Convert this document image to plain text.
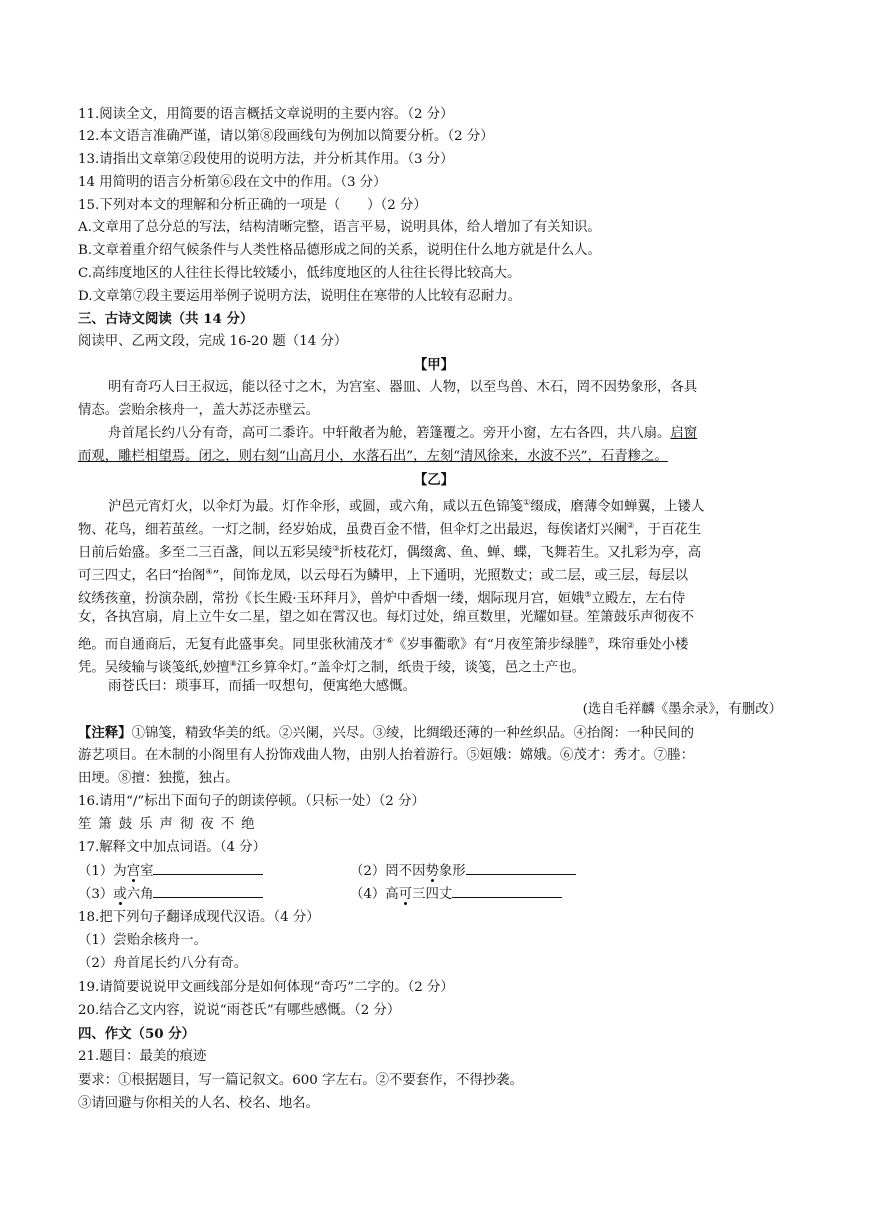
11.阅读全文，用简要的语言概括文章说明的主要内容。（2 分）
12.本文语言准确严谨，请以第⑧段画线句为例加以简要分析。（2 分）
13.请指出文章第②段使用的说明方法，并分析其作用。（3 分）
14 用简明的语言分析第⑥段在文中的作用。（3 分）
15.下列对本文的理解和分析正确的一项是（　　）（2 分）
A.文章用了总分总的写法，结构清晰完整，语言平易，说明具体，给人增加了有关知识。
B.文章着重介绍气候条件与人类性格品德形成之间的关系，说明住什么地方就是什么人。
C.高纬度地区的人往往长得比较矮小，低纬度地区的人往往长得比较高大。
D.文章第⑦段主要运用举例子说明方法，说明住在寒带的人比较有忍耐力。
三、古诗文阅读（共 14 分）
阅读甲、乙两文段，完成 16-20 题（14 分）
【甲】
明有奇巧人曰王叔远，能以径寸之木，为宫室、器皿、人物，以至鸟兽、木石，罔不因势象形，各具
情态。尝贻余核舟一，盖大苏泛赤壁云。
舟首尾长约八分有奇，高可二黍许。中轩敞者为舱，箬篷覆之。旁开小窗，左右各四，共八扇。启窗
而观，雕栏相望焉。闭之，则右刻“山高月小，水落石出”，左刻“清风徐来，水波不兴”，石青糁之。
【乙】
沪邑元宵灯火，以伞灯为最。灯作伞形，或圆，或六角，咸以五色锦笺①缀成，磨薄令如蝉翼，上镂人
物、花鸟，细若茧丝。一灯之制，经岁始成，虽费百金不惜，但伞灯之出最迟，每俟诸灯兴阑②，于百花生
日前后始盛。多至二三百盏，间以五彩吴绫③折枝花灯，偶缀禽、鱼、蝉、蝶，飞舞若生。又扎彩为亭，高
可三四丈，名曰“抬阁④”，间饰龙凤，以云母石为鳞甲，上下通明，光照数丈；或二层，或三层，每层以
纹绣孩童，扮演杂剧，常扮《长生殿·玉环拜月》，兽炉中香烟一缕，烟际现月宫，姮娥⑤立殿左，左右侍
女，各执宫扇，肩上立牛女二星，望之如在霄汉也。每灯过处，绵亘数里，光耀如昼。笙箫鼓乐声彻夜不
绝。而自通商后，无复有此盛事矣。同里张秋浦茂才⑥《岁事衢歌》有“月夜笙箫步绿塍⑦，珠帘垂处小楼
凭。吴绫输与谈笺纸,妙擅⑧江乡算伞灯。”盖伞灯之制，纸贵于绫，谈笺，邑之土产也。
雨苍氏曰：琐事耳，而插一叹想句，便寓绝大感慨。
(选自毛祥麟《墨余录》，有删改）
【注释】①锦笺，精致华美的纸。②兴阑，兴尽。③绫，比绸缎还薄的一种丝织品。④抬阁：一种民间的
游艺项目。在木制的小阁里有人扮饰戏曲人物，由别人抬着游行。⑤姮娥：嫦娥。⑥茂才：秀才。⑦塍：
田埂。⑧擅：独揽，独占。
16.请用“/”标出下面句子的朗读停顿。（只标一处）（2 分）
笙箫鼓乐声彻夜不绝
17.解释文中加点词语。（4 分）
（1）为宫室	（2）罔不因势象形
（3）或六角	（4）高可三四丈
18.把下列句子翻译成现代汉语。（4 分）
（1）尝贻余核舟一。
（2）舟首尾长约八分有奇。
19.请简要说说甲文画线部分是如何体现“奇巧”二字的。（2 分）
20.结合乙文内容，说说“雨苍氏”有哪些感慨。（2 分）
四、作文（50 分）
21.题目：最美的痕迹
要求：①根据题目，写一篇记叙文。600 字左右。②不要套作，不得抄袭。
③请回避与你相关的人名、校名、地名。
